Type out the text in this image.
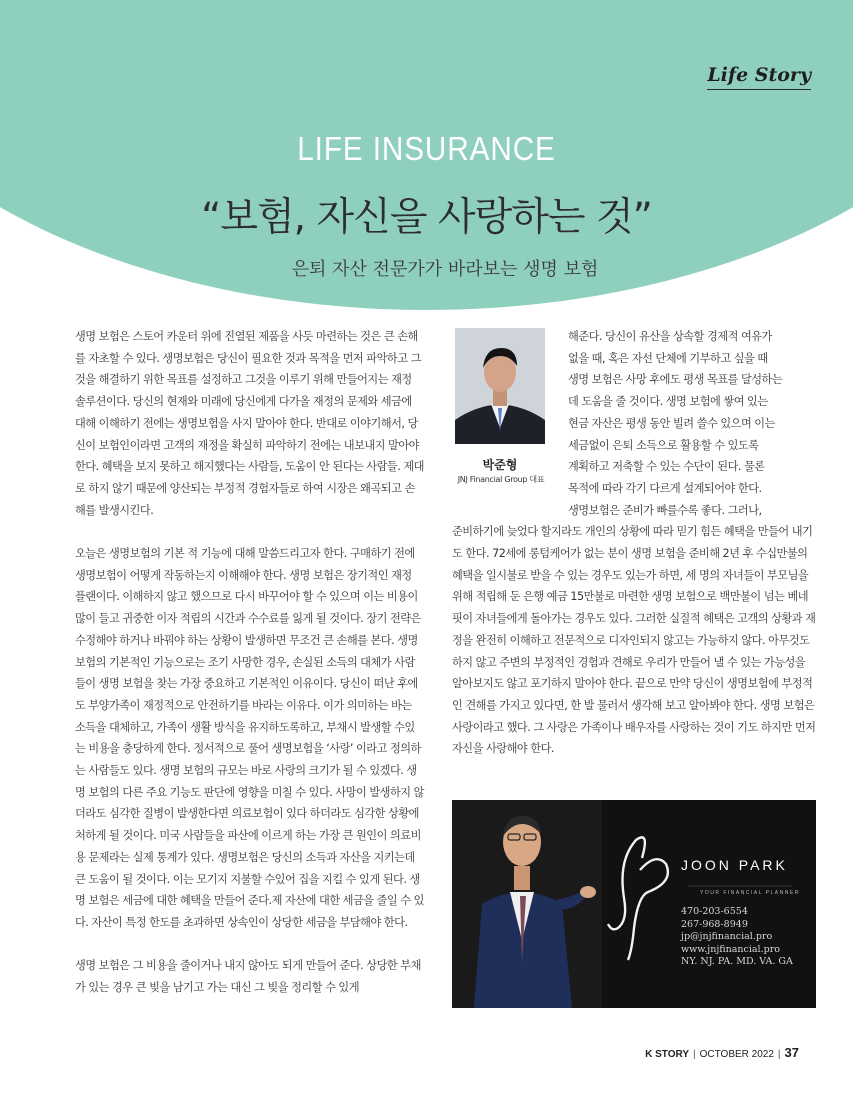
Life Story
LIFE INSURANCE
“보험, 자신을 사랑하는 것”
은퇴 자산 전문가가 바라보는 생명 보험

생명 보험은 스토어 카운터 위에 진열된 제품을 사듯 마련하는 것은 큰 손해를 자초할 수 있다. 생명보험은 당신이 필요한 것과 목적을 먼저 파악하고 그것을 해결하기 위한 목표를 설정하고 그것을 이루기 위해 만들어지는 재정 솔루션이다. 당신의 현재와 미래에 당신에게 다가올 재정의 문제와 세금에 대해 이해하기 전에는 생명보험을 사지 말아야 한다. 반대로 이야기해서, 당신이 보험인이라면 고객의 재정을 확실히 파악하기 전에는 내보내지 말아야 한다. 혜택을 보지 못하고 해지했다는 사람들, 도움이 안 된다는 사람들. 제대로 하지 않기 때문에 양산되는 부정적 경험자들로 하여 시장은 왜곡되고 손해를 발생시킨다.

오늘은 생명보험의 기본 적 기능에 대해 말씀드리고자 한다. 구매하기 전에 생명보험이 어떻게 작동하는지 이해해야 한다. 생명 보험은 장기적인 재정 플랜이다. 이해하지 않고 했으므로 다시 바꾸어야 할 수 있으며 이는 비용이 많이 들고 귀중한 이자 적립의 시간과 수수료를 잃게 될 것이다. 장기 전략은 수정해야 하거나 바꿔야 하는 상황이 발생하면 무조건 큰 손해를 본다. 생명보험의 기본적인 기능으로는 조기 사망한 경우, 손실된 소득의 대체가 사람들이 생명 보험을 찾는 가장 중요하고 기본적인 이유이다. 당신이 떠난 후에도 부양가족이 재정적으로 안전하기를 바라는 이유다. 이가 의미하는 바는 소득을 대체하고, 가족이 생활 방식을 유지하도록하고, 부채시 발생할 수있는 비용을 충당하게 한다. 정서적으로 풀어 생명보험을 ‘사랑’ 이라고 정의하는 사람들도 있다. 생명 보험의 규모는 바로 사랑의 크기가 될 수 있겠다. 생명 보험의 다른 주요 기능도 판단에 영향을 미칠 수 있다. 사망이 발생하지 않더라도 심각한 질병이 발생한다면 의료보험이 있다 하더라도 심각한 상황에 처하게 될 것이다. 미국 사람들을 파산에 이르게 하는 가장 큰 원인이 의료비용 문제라는 실제 통계가 있다. 생명보험은 당신의 소득과 자산을 지키는데 큰 도움이 될 것이다. 이는 모기지 지불할 수있어 집을 지킬 수 있게 된다. 생명 보험은 세금에 대한 혜택을 만들어 준다.제 자산에 대한 세금을 줄일 수 있다. 자산이 특정 한도를 초과하면 상속인이 상당한 세금을 부담해야 한다.

생명 보험은 그 비용을 줄이거나 내지 않아도 되게 만들어 준다. 상당한 부채가 있는 경우 큰 빚을 남기고 가는 대신 그 빚을 정리할 수 있게

박준형
JNJ Financial Group 대표
해준다. 당신이 유산을 상속할 경제적 여유가
없을 때, 혹은 자선 단체에 기부하고 싶을 때
생명 보험은 사망 후에도 평생 목표를 달성하는
데 도움을 줄 것이다. 생명 보험에 쌓여 있는
현금 자산은 평생 동안 빌려 쓸수 있으며 이는
세금없이 은퇴 소득으로 활용할 수 있도록
계획하고 저축할 수 있는 수단이 된다. 물론
목적에 따라 각기 다르게 설계되어야 한다.
생명보험은 준비가 빠를수록 좋다. 그러나,

준비하기에 늦었다 할지라도 개인의 상황에 따라 믿기 힘든 혜택을 만들어 내기도 한다. 72세에 롱텀케어가 없는 분이 생명 보험을 준비해 2년 후 수십만불의 혜택을 일시불로 받을 수 있는 경우도 있는가 하면, 세 명의 자녀들이 부모님을 위해 적립해 둔 은행 예금 15만불로 마련한 생명 보험으로 백만불이 넘는 베네핏이 자녀들에게 돌아가는 경우도 있다. 그러한 실질적 혜택은 고객의 상황과 재정을 완전히 이해하고 전문적으로 디자인되지 않고는 가능하지 않다. 아무것도 하지 않고 주변의 부정적인 경험과 견해로 우리가 만들어 낼 수 있는 가능성을 알아보지도 않고 포기하지 말아야 한다. 끝으로 만약 당신이 생명보험에 부정적인 견해를 가지고 있다면, 한 발 물러서 생각해 보고 알아봐야 한다. 생명 보험은 사랑이라고 했다. 그 사랑은 가족이나 배우자를 사랑하는 것이 기도 하지만 먼저 자신을 사랑해야 한다.

JOON PARK
YOUR FINANCIAL PLANNER
470-203-6554
267-968-8949
jp@jnjfinancial.pro
www.jnjfinancial.pro
NY. NJ. PA. MD. VA. GA
K STORY | OCTOBER 2022 | 37
